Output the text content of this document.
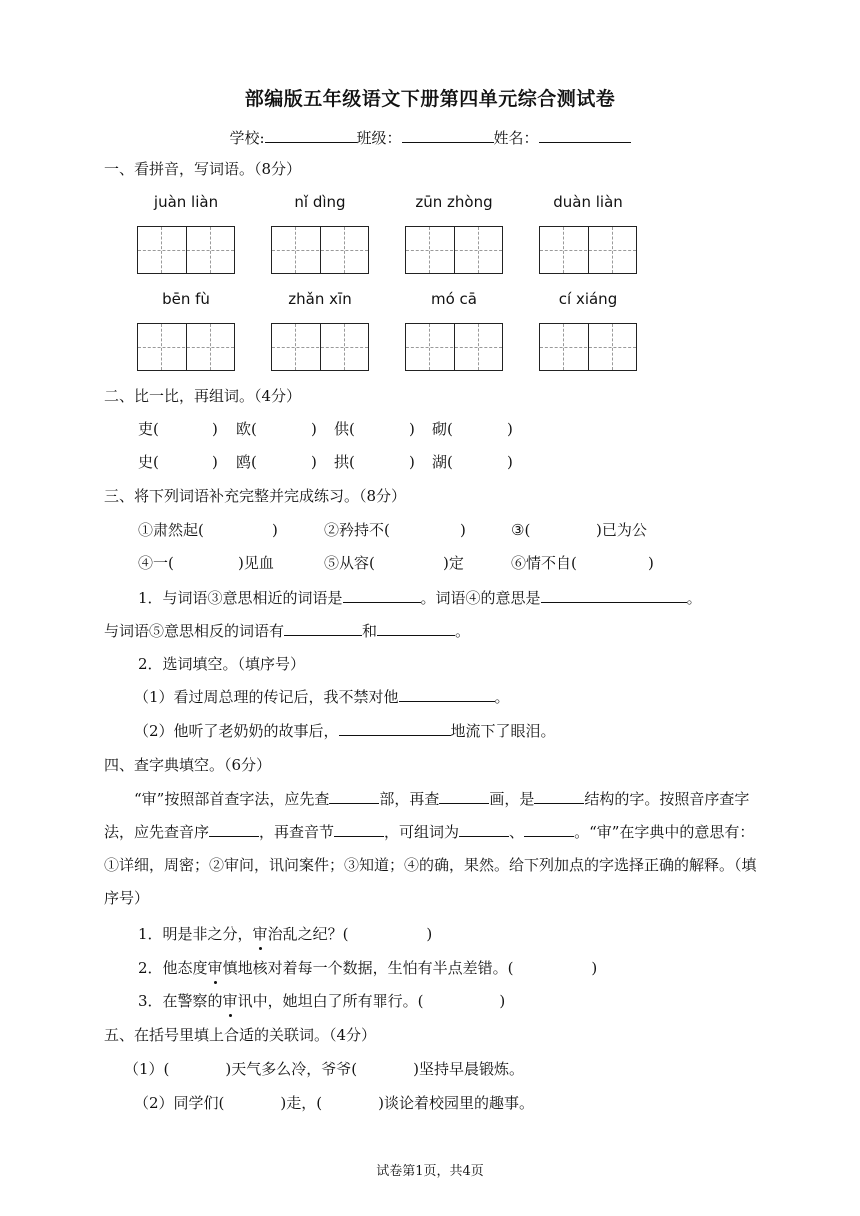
部编版五年级语文下册第四单元综合测试卷
学校:	班级：	姓名：
一、看拼音，写词语。（8分）
juàn liàn	nǐ dìng	zūn zhòng	duàn liàn
bēn fù	zhǎn xīn	mó cā	cí xiáng
二、比一比，再组词。（4分）
吏(	) 欧(	) 供(	) 砌(	)
史(	) 鸥(	) 拱(	) 湖(	)
三、将下列词语补充完整并完成练习。（8分）
①肃然起(	)	②矜持不(	)	③(	)已为公
④一(	)见血	⑤从容(	)定	⑥情不自(	)
1．与词语③意思相近的词语是	。词语④的意思是	。
与词语⑤意思相反的词语有	和	。
2．选词填空。（填序号）
（1）看过周总理的传记后，我不禁对他	。
（2）他听了老奶奶的故事后，	地流下了眼泪。
四、查字典填空。（6分）
“审”按照部首查字法，应先查	部，再查	画，是	结构的字。按照音序查字法，应先查音序	，再查音节	，可组词为	、	。“审”在字典中的意思有：①详细，周密；②审问，讯问案件；③知道；④的确，果然。给下列加点的字选择正确的解释。（填序号）
1．明是非之分，审治乱之纪？(	)
2．他态度审慎地核对着每一个数据，生怕有半点差错。(	)
3．在警察的审讯中，她坦白了所有罪行。(	)
五、在括号里填上合适的关联词。（4分）
（1）(	)天气多么冷，爷爷(	)坚持早晨锻炼。
（2）同学们(	)走，(	)谈论着校园里的趣事。
试卷第1页，共4页
